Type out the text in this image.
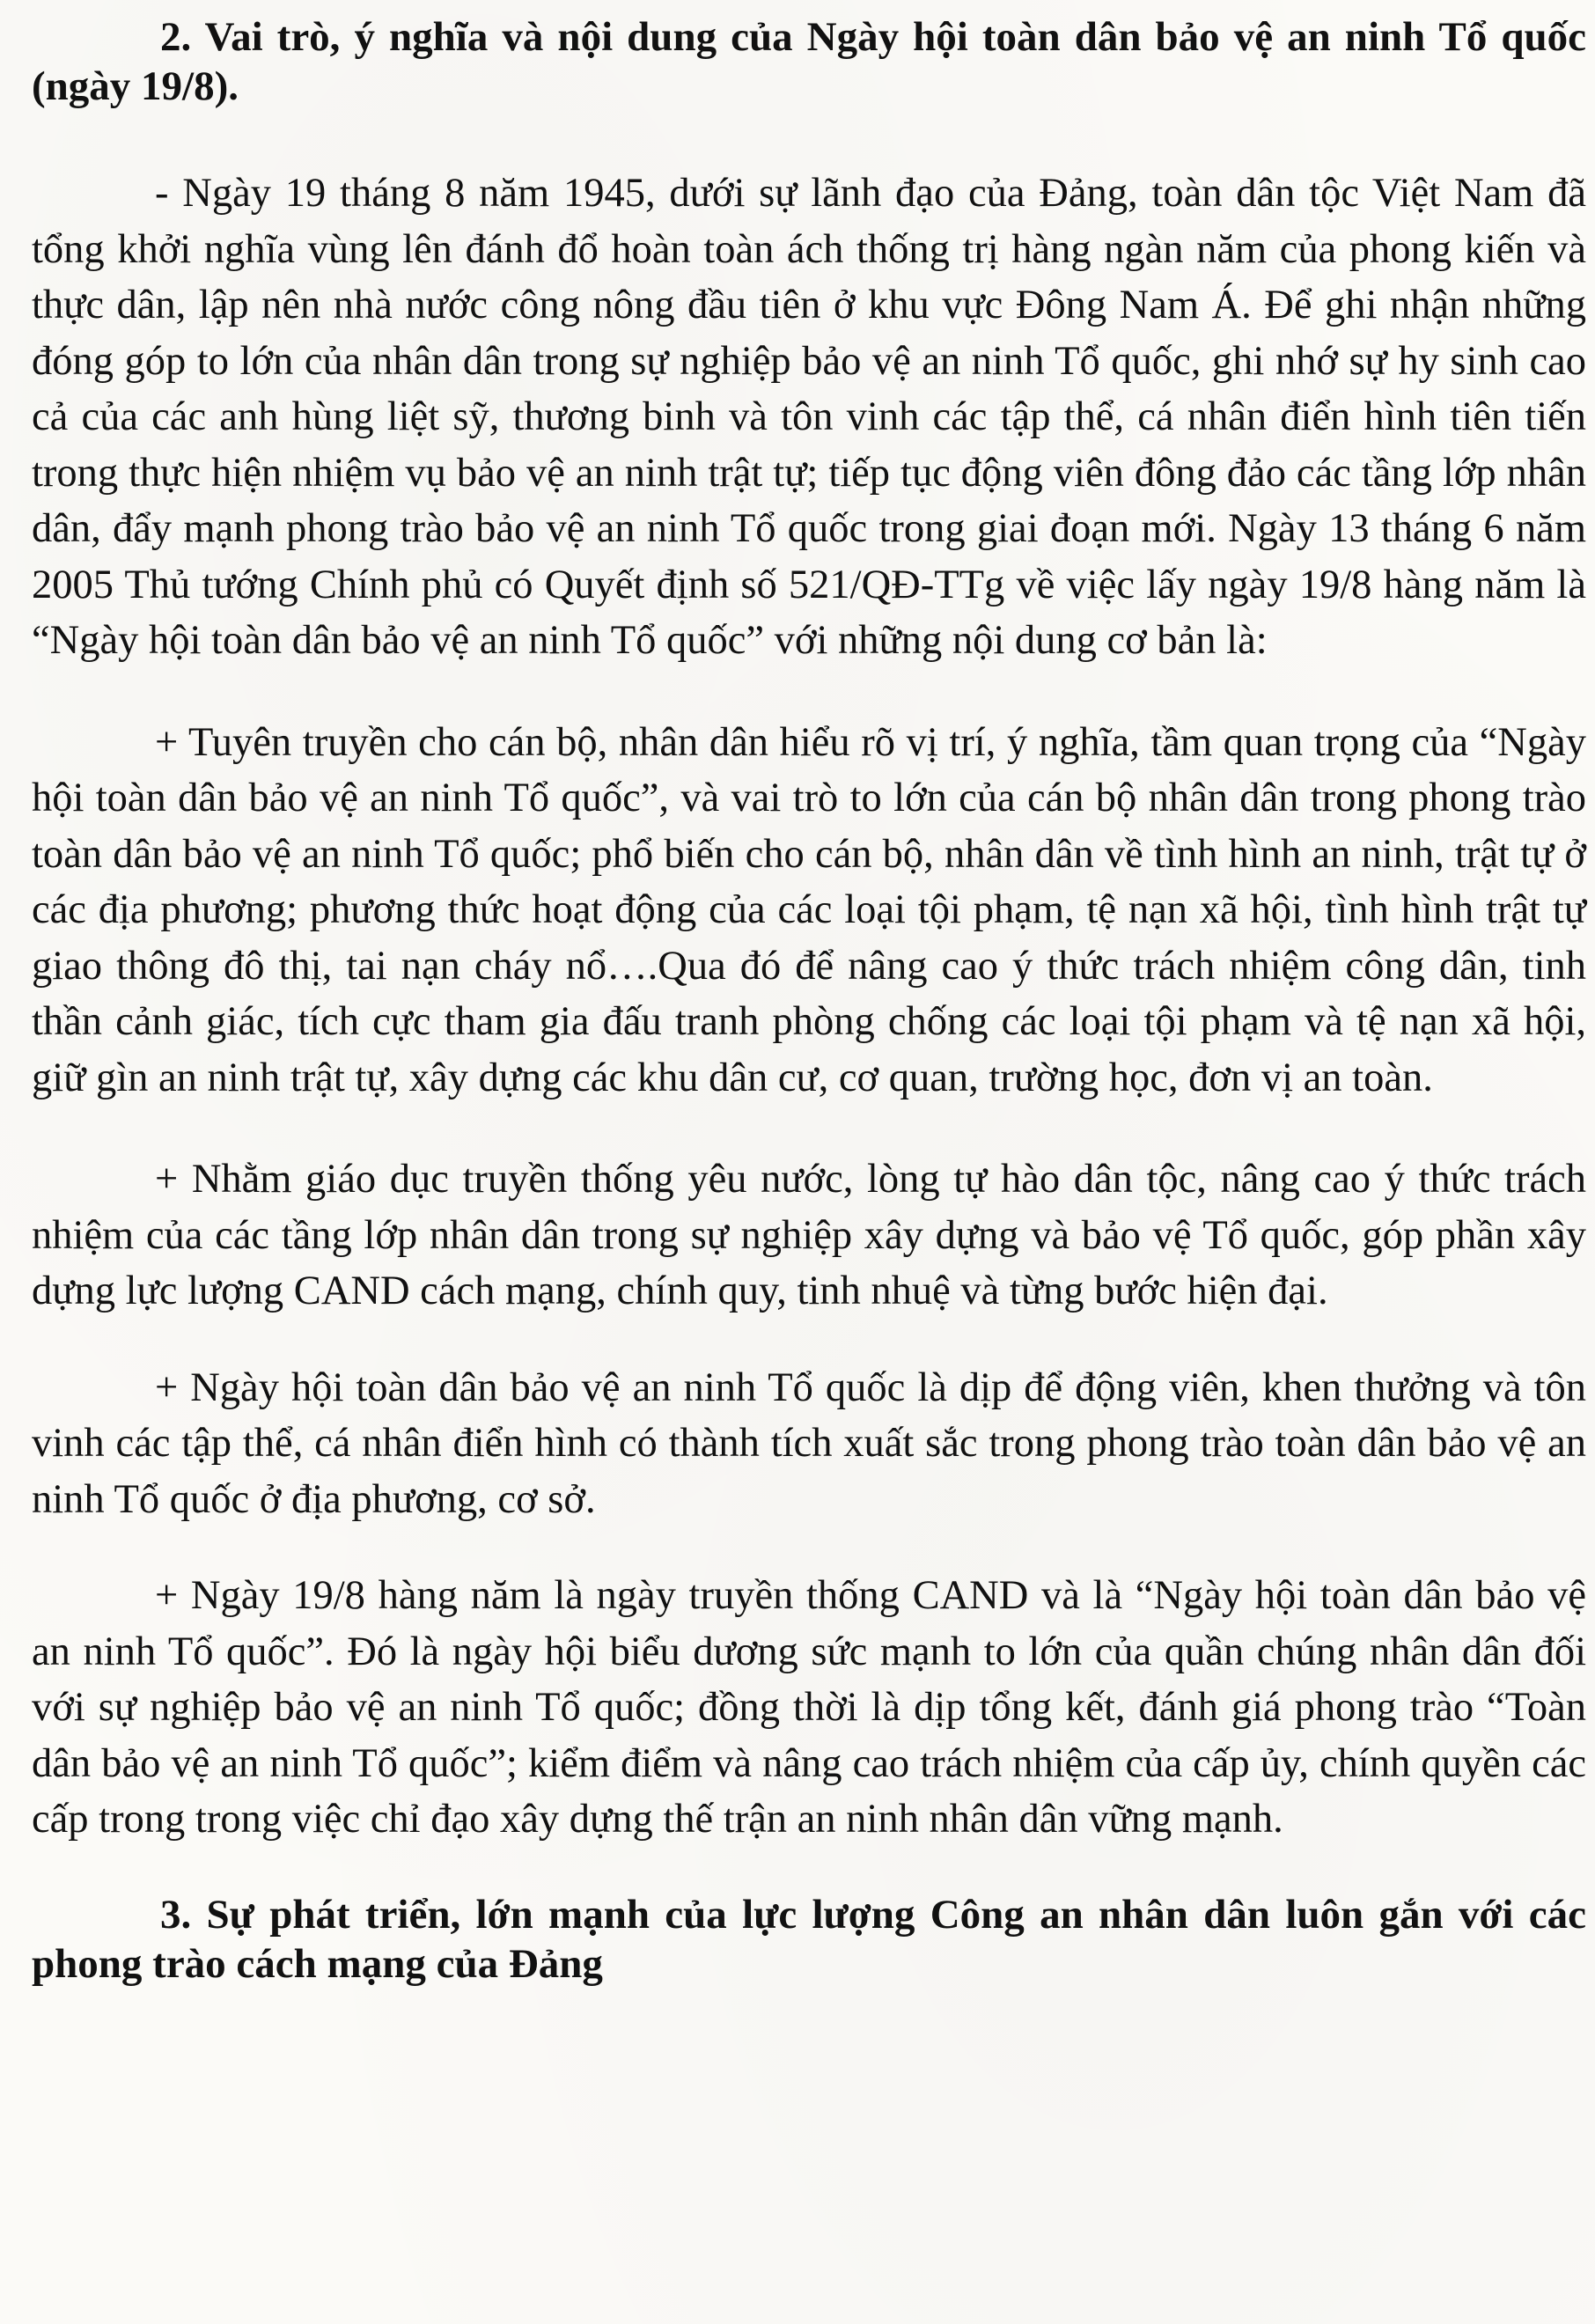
2. Vai trò, ý nghĩa và nội dung của Ngày hội toàn dân bảo vệ an ninh Tổ quốc (ngày 19/8).

- Ngày 19 tháng 8 năm 1945, dưới sự lãnh đạo của Đảng, toàn dân tộc Việt Nam đã tổng khởi nghĩa vùng lên đánh đổ hoàn toàn ách thống trị hàng ngàn năm của phong kiến và thực dân, lập nên nhà nước công nông đầu tiên ở khu vực Đông Nam Á. Để ghi nhận những đóng góp to lớn của nhân dân trong sự nghiệp bảo vệ an ninh Tổ quốc, ghi nhớ sự hy sinh cao cả của các anh hùng liệt sỹ, thương binh và tôn vinh các tập thể, cá nhân điển hình tiên tiến trong thực hiện nhiệm vụ bảo vệ an ninh trật tự; tiếp tục động viên đông đảo các tầng lớp nhân dân, đẩy mạnh phong trào bảo vệ an ninh Tổ quốc trong giai đoạn mới. Ngày 13 tháng 6 năm 2005 Thủ tướng Chính phủ có Quyết định số 521/QĐ-TTg về việc lấy ngày 19/8 hàng năm là “Ngày hội toàn dân bảo vệ an ninh Tổ quốc” với những nội dung cơ bản là:

+ Tuyên truyền cho cán bộ, nhân dân hiểu rõ vị trí, ý nghĩa, tầm quan trọng của “Ngày hội toàn dân bảo vệ an ninh Tổ quốc”, và vai trò to lớn của cán bộ nhân dân trong phong trào toàn dân bảo vệ an ninh Tổ quốc; phổ biến cho cán bộ, nhân dân về tình hình an ninh, trật tự ở các địa phương; phương thức hoạt động của các loại tội phạm, tệ nạn xã hội, tình hình trật tự giao thông đô thị, tai nạn cháy nổ….Qua đó để nâng cao ý thức trách nhiệm công dân, tinh thần cảnh giác, tích cực tham gia đấu tranh phòng chống các loại tội phạm và tệ nạn xã hội, giữ gìn an ninh trật tự, xây dựng các khu dân cư, cơ quan, trường học, đơn vị an toàn.

+ Nhằm giáo dục truyền thống yêu nước, lòng tự hào dân tộc, nâng cao ý thức trách nhiệm của các tầng lớp nhân dân trong sự nghiệp xây dựng và bảo vệ Tổ quốc, góp phần xây dựng lực lượng CAND cách mạng, chính quy, tinh nhuệ và từng bước hiện đại.

+ Ngày hội toàn dân bảo vệ an ninh Tổ quốc là dịp để động viên, khen thưởng và tôn vinh các tập thể, cá nhân điển hình có thành tích xuất sắc trong phong trào toàn dân bảo vệ an ninh Tổ quốc ở địa phương, cơ sở.

+ Ngày 19/8 hàng năm là ngày truyền thống CAND và là “Ngày hội toàn dân bảo vệ an ninh Tổ quốc”. Đó là ngày hội biểu dương sức mạnh to lớn của quần chúng nhân dân đối với sự nghiệp bảo vệ an ninh Tổ quốc; đồng thời là dịp tổng kết, đánh giá phong trào “Toàn dân bảo vệ an ninh Tổ quốc”; kiểm điểm và nâng cao trách nhiệm của cấp ủy, chính quyền các cấp trong trong việc chỉ đạo xây dựng thế trận an ninh nhân dân vững mạnh.

3. Sự phát triển, lớn mạnh của lực lượng Công an nhân dân luôn gắn với các phong trào cách mạng của Đảng
